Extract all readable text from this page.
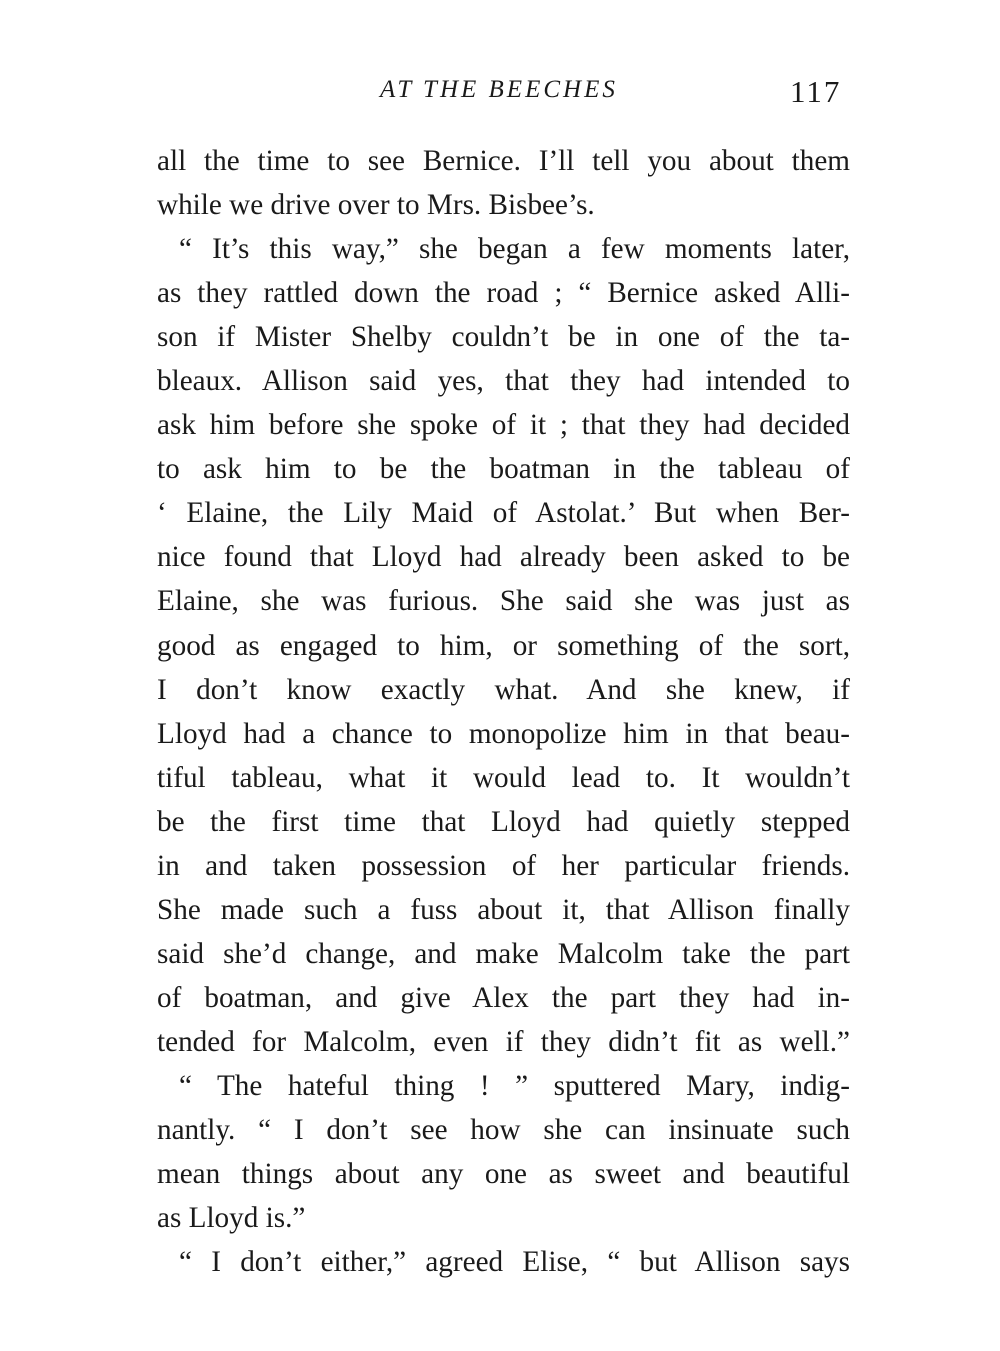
AT THE BEECHES	117
all the time to see Bernice. I’ll tell you about them
while we drive over to Mrs. Bisbee’s.
“ It’s this way,” she began a few moments later,
as they rattled down the road ; “ Bernice asked Alli-
son if Mister Shelby couldn’t be in one of the ta-
bleaux. Allison said yes, that they had intended to
ask him before she spoke of it ; that they had decided
to ask him to be the boatman in the tableau of
‘ Elaine, the Lily Maid of Astolat.’ But when Ber-
nice found that Lloyd had already been asked to be
Elaine, she was furious. She said she was just as
good as engaged to him, or something of the sort,
I don’t know exactly what. And she knew, if
Lloyd had a chance to monopolize him in that beau-
tiful tableau, what it would lead to. It wouldn’t
be the first time that Lloyd had quietly stepped
in and taken possession of her particular friends.
She made such a fuss about it, that Allison finally
said she’d change, and make Malcolm take the part
of boatman, and give Alex the part they had in-
tended for Malcolm, even if they didn’t fit as well.”
“ The hateful thing ! ” sputtered Mary, indig-
nantly. “ I don’t see how she can insinuate such
mean things about any one as sweet and beautiful
as Lloyd is.”
“ I don’t either,” agreed Elise, “ but Allison says
